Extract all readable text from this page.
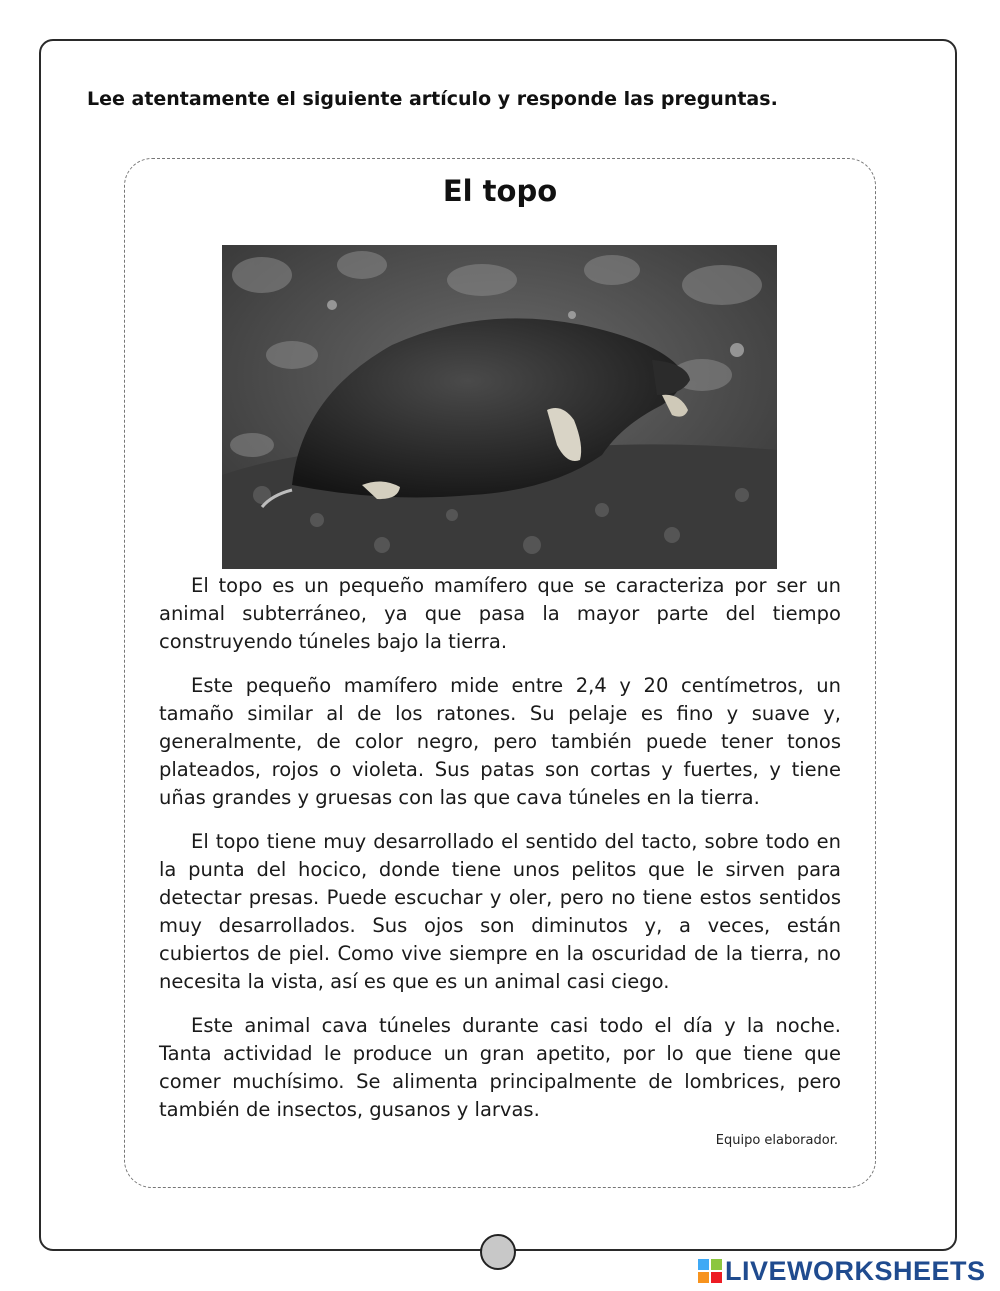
Lee atentamente el siguiente artículo y responde las preguntas.
El topo

El topo es un pequeño mamífero que se caracteriza por ser un animal subterráneo, ya que pasa la mayor parte del tiempo construyendo túneles bajo la tierra.

Este pequeño mamífero mide entre 2,4 y 20 centímetros, un tamaño similar al de los ratones. Su pelaje es fino y suave y, generalmente, de color negro, pero también puede tener tonos plateados, rojos o violeta. Sus patas son cortas y fuertes, y tiene uñas grandes y gruesas con las que cava túneles en la tierra.

El topo tiene muy desarrollado el sentido del tacto, sobre todo en la punta del hocico, donde tiene unos pelitos que le sirven para detectar presas. Puede escuchar y oler, pero no tiene estos sentidos muy desarrollados. Sus ojos son diminutos y, a veces, están cubiertos de piel. Como vive siempre en la oscuridad de la tierra, no necesita la vista, así es que es un animal casi ciego.

Este animal cava túneles durante casi todo el día y la noche. Tanta actividad le produce un gran apetito, por lo que tiene que comer muchísimo. Se alimenta principalmente de lombrices, pero también de insectos, gusanos y larvas.

Equipo elaborador.
LIVEWORKSHEETS
